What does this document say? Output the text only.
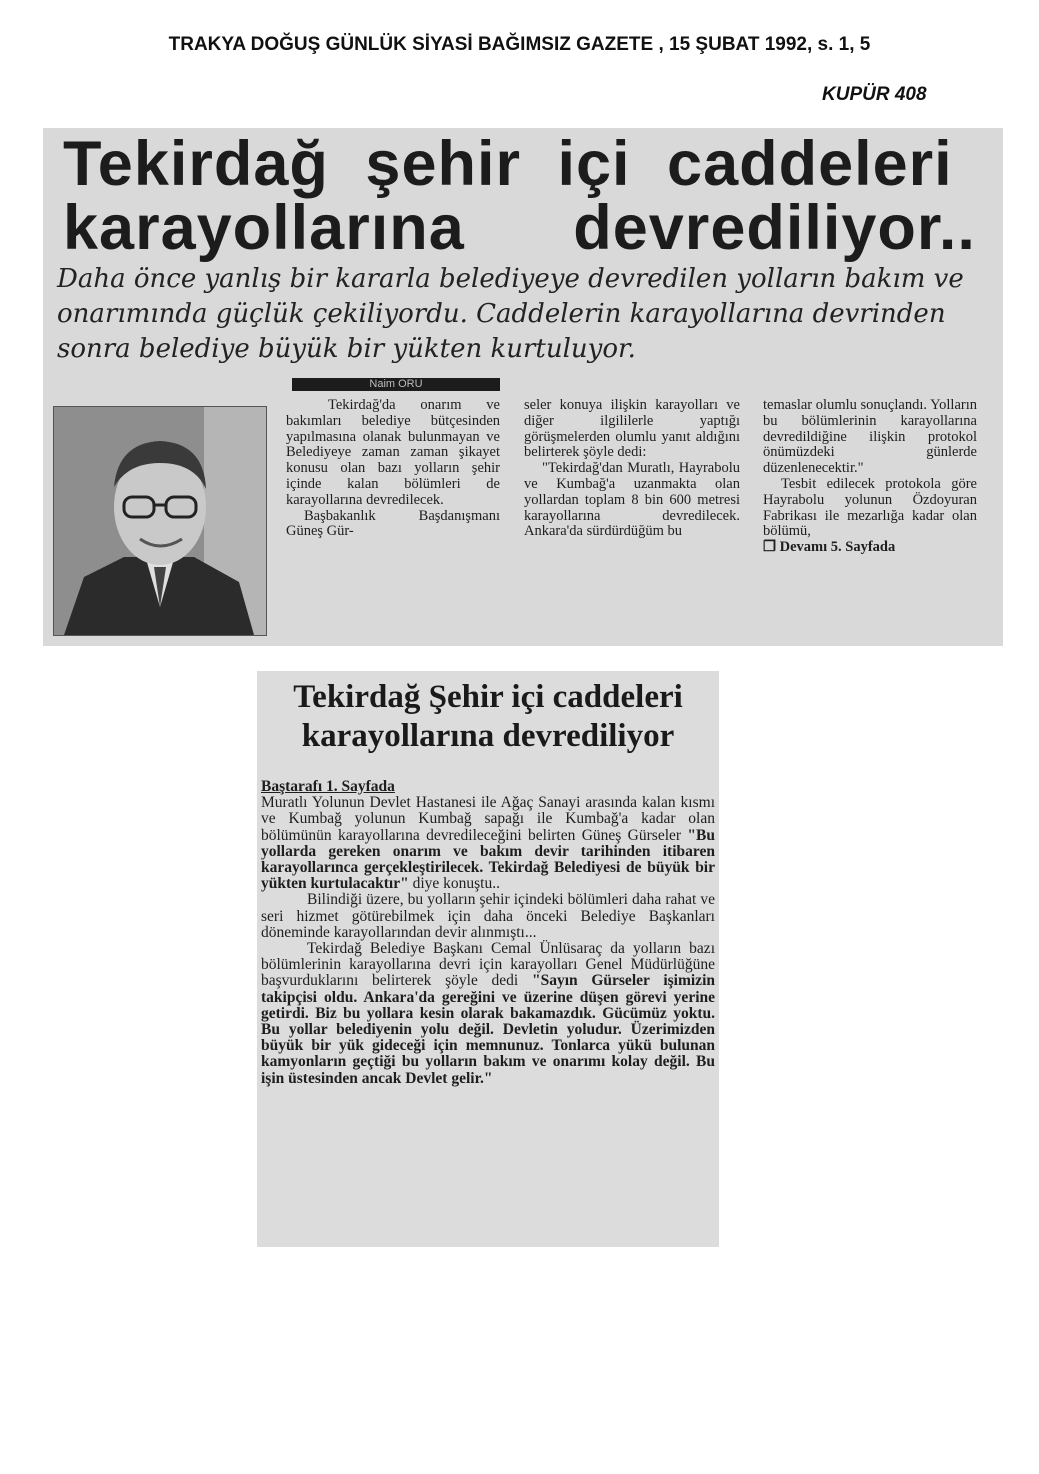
TRAKYA DOĞUŞ GÜNLÜK SİYASİ BAĞIMSIZ GAZETE , 15 ŞUBAT 1992, s. 1, 5
KUPÜR 408
Tekirdağ şehir içi caddeleri
karayollarına devrediliyor..

Daha önce yanlış bir kararla belediyeye devredilen yolların bakım ve onarımında güçlük çekiliyordu. Caddelerin karayollarına devrinden sonra belediye büyük bir yükten kurtuluyor.

Naim ORU

Tekirdağ'da onarım ve bakımları belediye bütçesinden yapılmasına olanak bulunmayan ve Belediyeye zaman zaman şikayet konusu olan bazı yolların şehir içinde kalan bölümleri de karayollarına devredilecek.

Başbakanlık Başdanışmanı Güneş Gür-

seler konuya ilişkin karayolları ve diğer ilgililerle yaptığı görüşmelerden olumlu yanıt aldığını belirterek şöyle dedi:

"Tekirdağ'dan Muratlı, Hayrabolu ve Kumbağ'a uzanmakta olan yollardan toplam 8 bin 600 metresi karayollarına devredilecek. Ankara'da sürdürdüğüm bu

temaslar olumlu sonuçlandı. Yolların bu bölümlerinin karayollarına devredildiğine ilişkin protokol önümüzdeki günlerde düzenlenecektir."

Tesbit edilecek protokola göre Hayrabolu yolunun Özdoyuran Fabrikası ile mezarlığa kadar olan bölümü,

❐ Devamı 5. Sayfada

Tekirdağ Şehir içi caddeleri
karayollarına devrediliyor

Baştarafı 1. Sayfada

Muratlı Yolunun Devlet Hastanesi ile Ağaç Sanayi arasında kalan kısmı ve Kumbağ yolunun Kumbağ sapağı ile Kumbağ'a kadar olan bölümünün karayollarına devredileceğini belirten Güneş Gürseler "Bu yollarda gereken onarım ve bakım devir tarihinden itibaren karayollarınca gerçekleştirilecek. Tekirdağ Belediyesi de büyük bir yükten kurtulacaktır" diye konuştu..

Bilindiği üzere, bu yolların şehir içindeki bölümleri daha rahat ve seri hizmet götürebilmek için daha önceki Belediye Başkanları döneminde karayollarından devir alınmıştı...

Tekirdağ Belediye Başkanı Cemal Ünlüsaraç da yolların bazı bölümlerinin karayollarına devri için karayolları Genel Müdürlüğüne başvurduklarını belirterek şöyle dedi "Sayın Gürseler işimizin takipçisi oldu. Ankara'da gereğini ve üzerine düşen görevi yerine getirdi. Biz bu yollara kesin olarak bakamazdık. Gücümüz yoktu. Bu yollar belediyenin yolu değil. Devletin yoludur. Üzerimizden büyük bir yük gideceği için memnunuz. Tonlarca yükü bulunan kamyonların geçtiği bu yolların bakım ve onarımı kolay değil. Bu işin üstesinden ancak Devlet gelir."
